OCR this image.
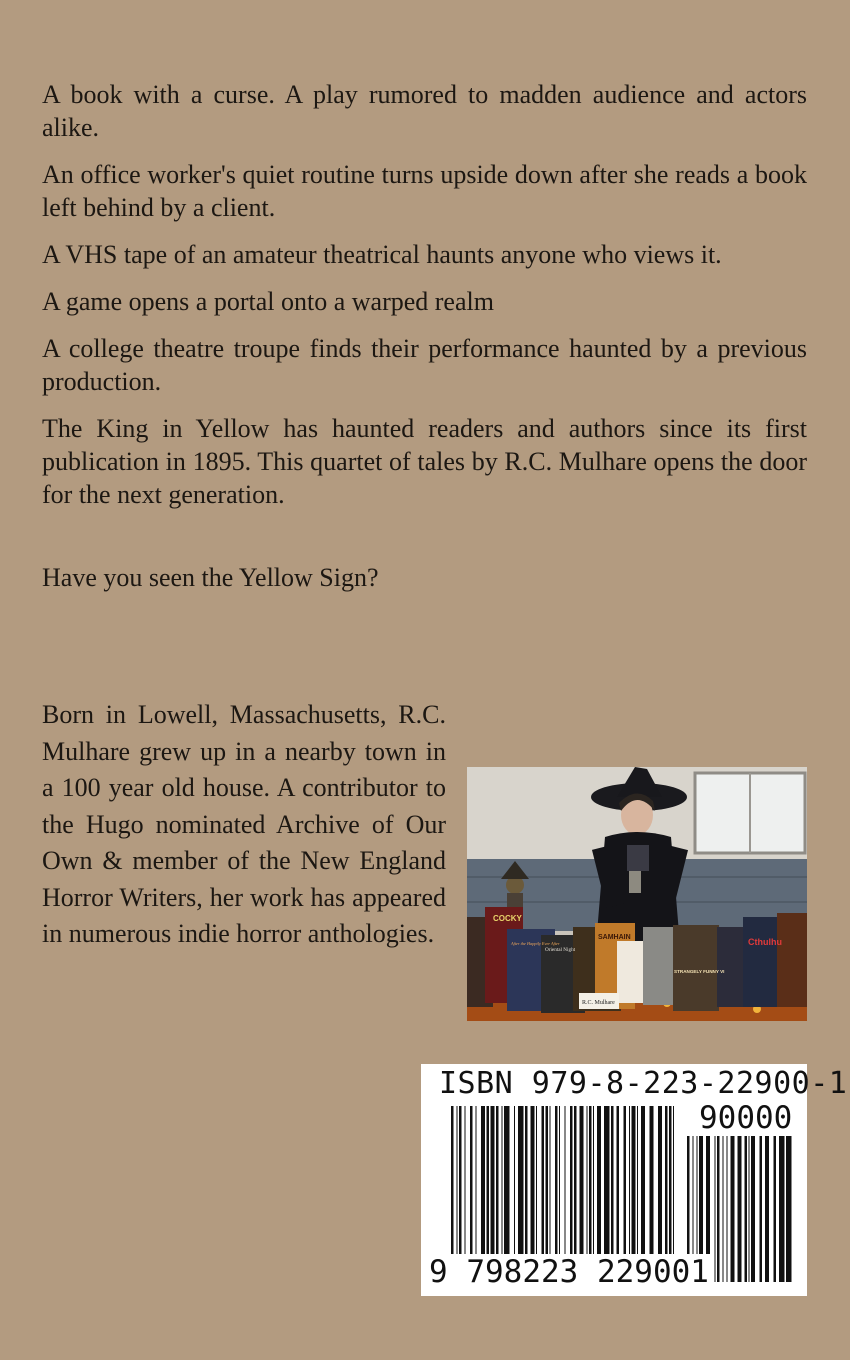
A book with a curse. A play rumored to madden audience and actors alike.

An office worker's quiet routine turns upside down after she reads a book left behind by a client.

A VHS tape of an amateur theatrical haunts anyone who views it.

A game opens a portal onto a warped realm

A college theatre troupe finds their performance haunted by a previous production.

The King in Yellow has haunted readers and authors since its first publication in 1895. This quartet of tales by R.C. Mulhare opens the door for the next generation.

Have you seen the Yellow Sign?

Born in Lowell, Massachusetts, R.C. Mulhare grew up in a nearby town in a 100 year old house. A contributor to the Hugo nominated Archive of Our Own & member of the New England Horror Writers, her work has appeared in numerous indie horror anthologies.
COCKY
After the Happily Ever After
Oriental Night
SAMHAIN
STRANGELY FUNNY VI
Cthulhu
R.C. Mulhare
ISBN 979-8-223-22900-1
90000
9 798223 229001
